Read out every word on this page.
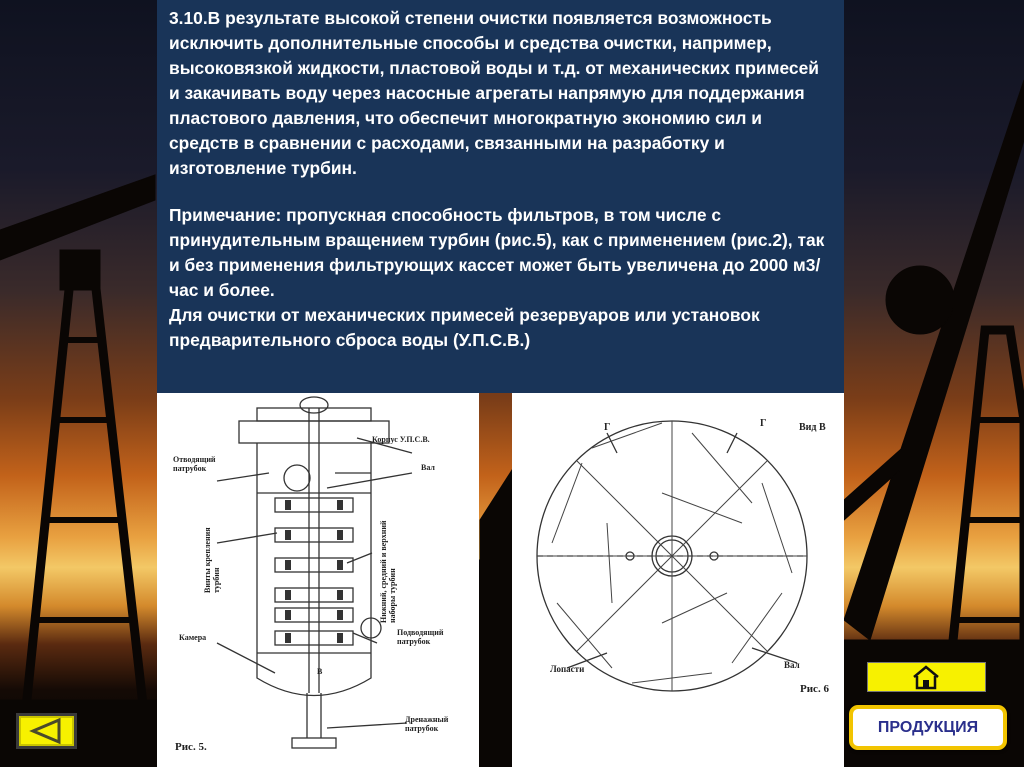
3.10.В результате высокой степени очистки появляется возможность исключить дополнительные способы и средства очистки, например, высоковязкой жидкости, пластовой воды и т.д. от механических примесей и закачивать воду через насосные агрегаты напрямую для поддержания пластового давления, что обеспечит многократную экономию сил и средств в сравнении с расходами, связанными на разработку и изготовление турбин.

Примечание: пропускная способность фильтров, в том числе с принудительным вращением турбин (рис.5), как с применением (рис.2), так и без применения фильтрующих кассет может быть увеличена до 2000 м3/час и более.

Для очистки от механических примесей резервуаров или установок предварительного сброса воды (У.П.С.В.)

Корпус У.П.С.В.
Отводящий патрубок	Вал
Винты крепления турбин	Нижний, средний и верхний наборы турбин
Подводящий патрубок
Камера
В
Дренажный патрубок
Рис. 5.
Вид В
Г	Г
Лопасти	Вал
Рис. 6
ПРОДУКЦИЯ
